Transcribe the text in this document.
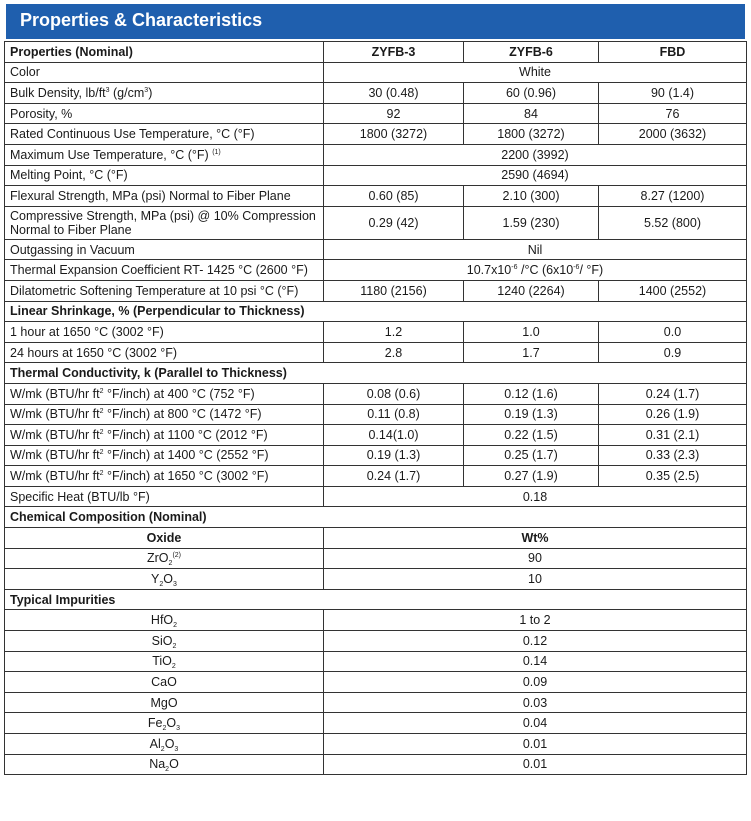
Properties & Characteristics
Properties (Nominal)	ZYFB-3	ZYFB-6	FBD
Color	White		
Bulk Density, $lb/ft^3$ $(g/cm^3)$	30 (0.48)	60 (0.96)	90 (1.4)
Porosity, %	92	84	76
Rated Continuous Use Temperature, °C (°F)	1800 (3272)	1800 (3272)	2000 (3632)
Maximum Use Temperature, °C (°F) $^{(1)}$	2200 (3992)		
Melting Point, °C (°F)	2590 (4694)		
Flexural Strength, MPa (psi) Normal to Fiber Plane	0.60 (85)	2.10 (300)	8.27 (1200)
Compressive Strength, MPa (psi) @ 10% Compression Normal to Fiber Plane	0.29 (42)	1.59 (230)	5.52 (800)
Outgassing in Vacuum	Nil		
Thermal Expansion Coefficient RT- 1425 °C (2600 °F)	$10.7x10^{-6}$ /°C ($6x10^{-6}/$ °F)		
Dilatometric Softening Temperature at 10 psi °C (°F)	1180 (2156)	1240 (2264)	1400 (2552)
Linear Shrinkage, % (Perpendicular to Thickness)			
1 hour at 1650 °C (3002 °F)	1.2	1.0	0.0
24 hours at 1650 °C (3002 °F)	2.8	1.7	0.9
Thermal Conductivity, k (Parallel to Thickness)			
W/mk (BTU/hr $ft^2$ °F/inch) at 400 °C (752 °F)	0.08 (0.6)	0.12 (1.6)	0.24 (1.7)
W/mk (BTU/hr $ft^2$ °F/inch) at 800 °C (1472 °F)	0.11 (0.8)	0.19 (1.3)	0.26 (1.9)
W/mk (BTU/hr $ft^2$ °F/inch) at 1100 °C (2012 °F)	0.14(1.0)	0.22 (1.5)	0.31 (2.1)
W/mk (BTU/hr $ft^2$ °F/inch) at 1400 °C (2552 °F)	0.19 (1.3)	0.25 (1.7)	0.33 (2.3)
W/mk (BTU/hr $ft^2$ °F/inch) at 1650 °C (3002 °F)	0.24 (1.7)	0.27 (1.9)	0.35 (2.5)
Specific Heat (BTU/lb °F)	0.18		
Chemical Composition (Nominal)			
Oxide	Wt%		
ZrO$_2^{(2)}$	90		
$Y_2O_3$	10		
Typical Impurities			
HfO$_2$	1 to 2		
SiO$_2$	0.12		
TiO$_2$	0.14		
CaO	0.09		
MgO	0.03		
$Fe_2O_3$	0.04		
$Al_2O_3$	0.01		
$Na_2O$	0.01		
